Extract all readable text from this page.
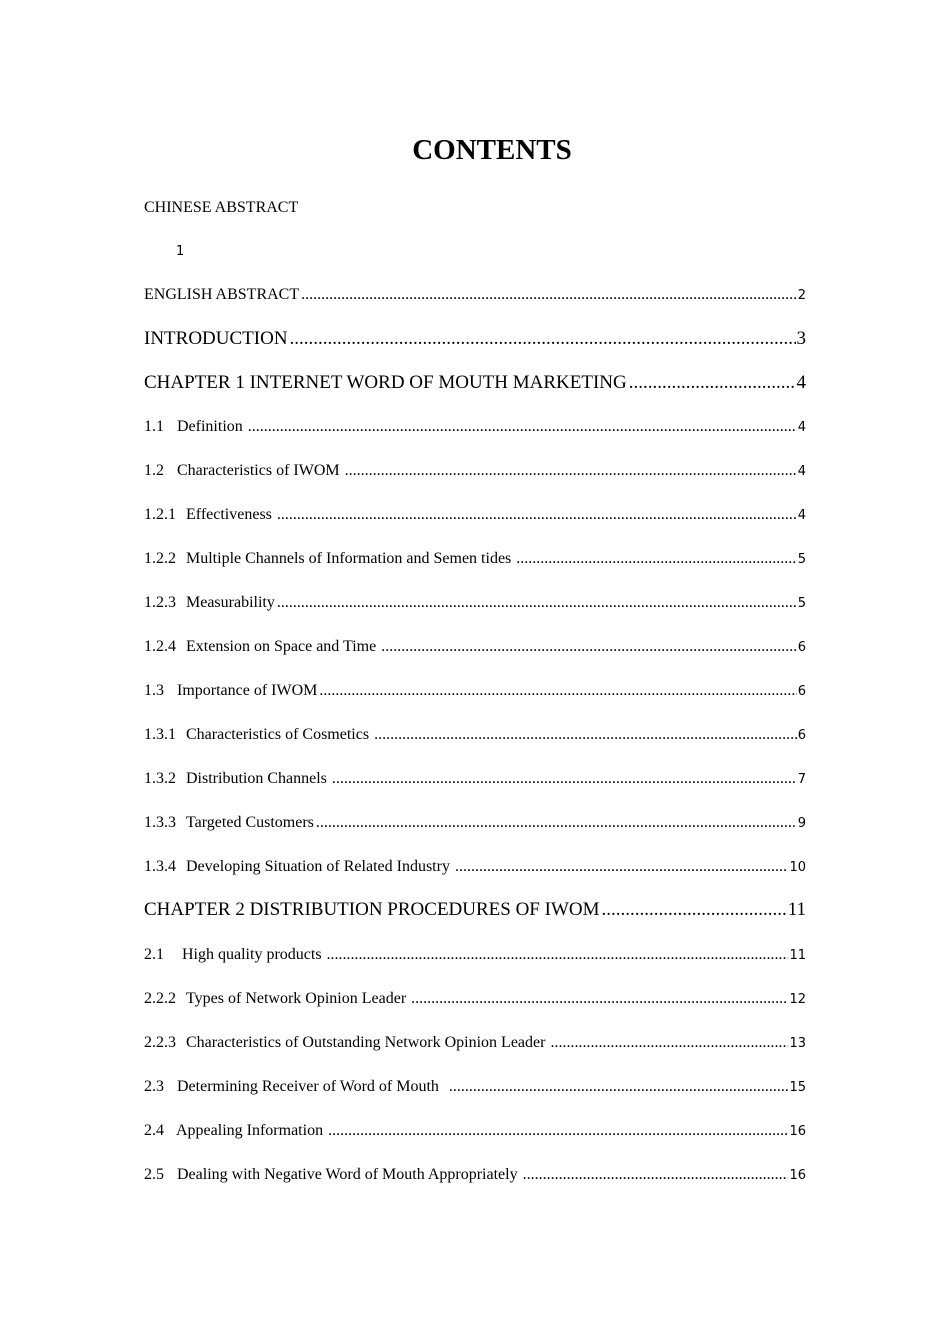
CONTENTS
CHINESE ABSTRACT
1
ENGLISH ABSTRACT .....	2
INTRODUCTION .....	3
CHAPTER 1 INTERNET WORD OF MOUTH MARKETING .....	4
1.1 Definition .....	4
1.2 Characteristics of IWOM .....	4
1.2.1 Effectiveness .....	4
1.2.2 Multiple Channels of Information and Semen tides .....	5
1.2.3 Measurability .....	5
1.2.4 Extension on Space and Time .....	6
1.3 Importance of IWOM .....	6
1.3.1 Characteristics of Cosmetics .....	6
1.3.2 Distribution Channels .....	7
1.3.3 Targeted Customers .....	9
1.3.4 Developing Situation of Related Industry .....	10
CHAPTER 2 DISTRIBUTION PROCEDURES OF IWOM .....	11
2.1	High quality products .....	11
2.2.2 Types of Network Opinion Leader .....	12
2.2.3 Characteristics of Outstanding Network Opinion Leader .....	13
2.3 Determining Receiver of Word of Mouth .....	15
2.4 Appealing Information .....	16
2.5 Dealing with Negative Word of Mouth Appropriately .....	16
